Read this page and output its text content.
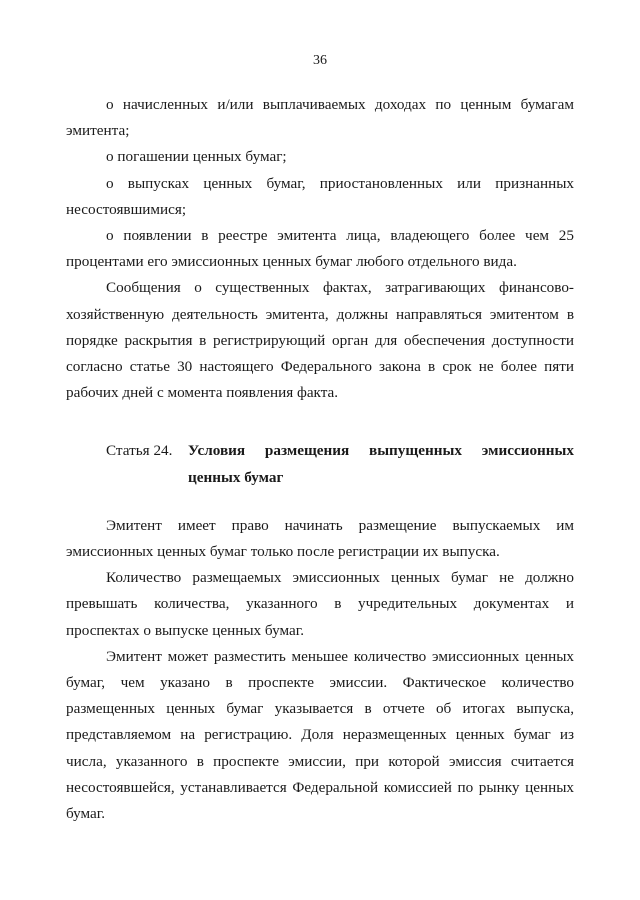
36

о начисленных и/или выплачиваемых доходах по ценным бумагам эмитента;

о погашении ценных бумаг;

о выпусках ценных бумаг, приостановленных или признанных несостоявшимися;

о появлении в реестре эмитента лица, владеющего более чем 25 процентами его эмиссионных ценных бумаг любого отдельного вида.

Сообщения о существенных фактах, затрагивающих финансово-хозяйственную деятельность эмитента, должны направляться эмитентом в порядке раскрытия в регистрирующий орган для обеспечения доступности согласно статье 30 настоящего Федерального закона в срок не более пяти рабочих дней с момента появления факта.

Статья 24.	Условия размещения выпущенных эмиссионных ценных бумаг

Эмитент имеет право начинать размещение выпускаемых им эмиссионных ценных бумаг только после регистрации их выпуска.

Количество размещаемых эмиссионных ценных бумаг не должно превышать количества, указанного в учредительных документах и проспектах о выпуске ценных бумаг.

Эмитент может разместить меньшее количество эмиссионных ценных бумаг, чем указано в проспекте эмиссии. Фактическое количество размещенных ценных бумаг указывается в отчете об итогах выпуска, представляемом на регистрацию. Доля неразмещенных ценных бумаг из числа, указанного в проспекте эмиссии, при которой эмиссия считается несостоявшейся, устанавливается Федеральной комиссией по рынку ценных бумаг.
